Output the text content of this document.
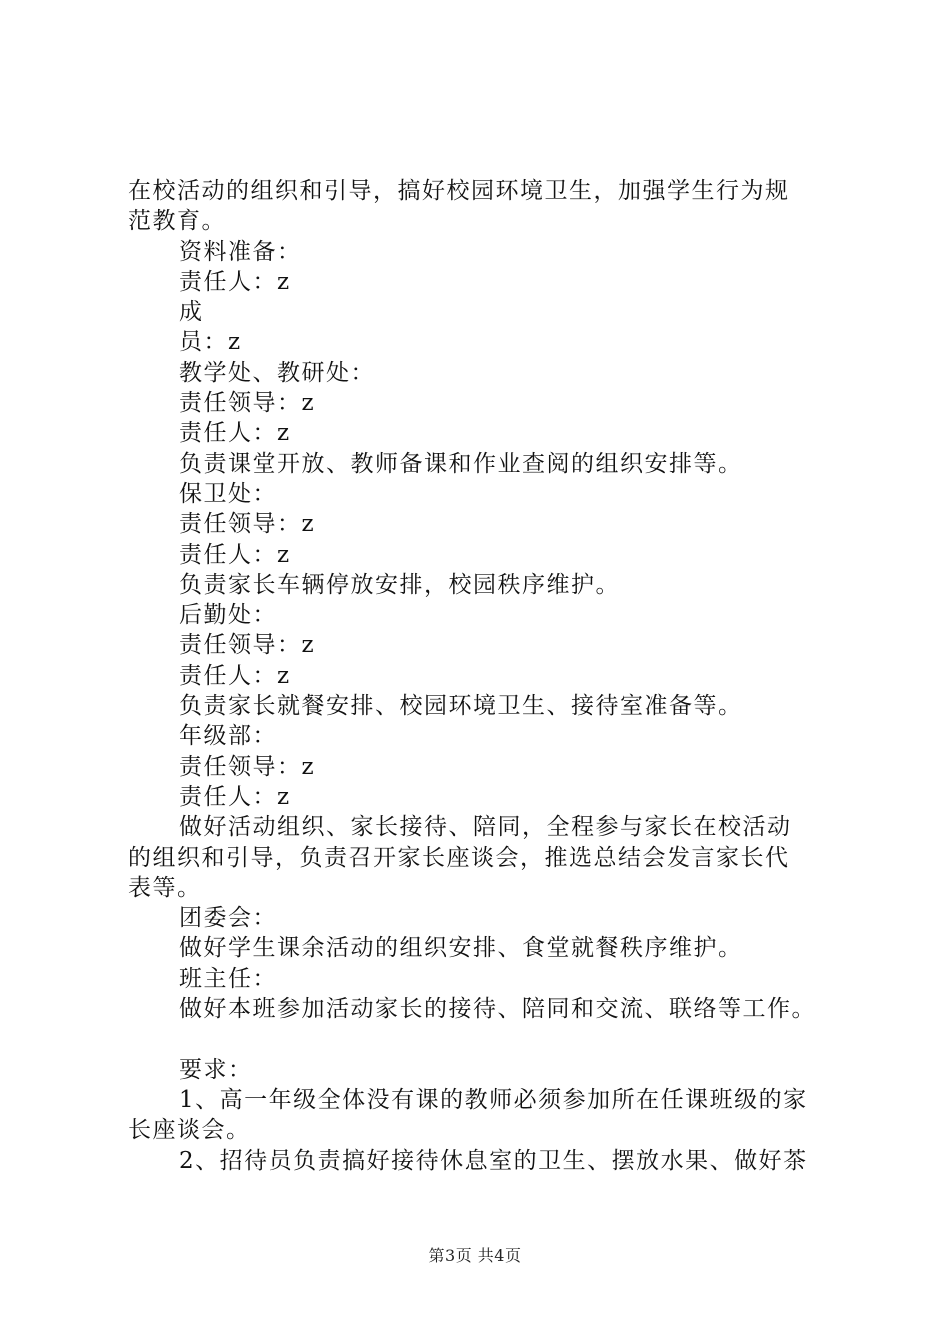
在校活动的组织和引导，搞好校园环境卫生，加强学生行为规
范教育。
资料准备：
责任人：z
成
员：z
教学处、教研处：
责任领导：z
责任人：z
负责课堂开放、教师备课和作业查阅的组织安排等。
保卫处：
责任领导：z
责任人：z
负责家长车辆停放安排，校园秩序维护。
后勤处：
责任领导：z
责任人：z
负责家长就餐安排、校园环境卫生、接待室准备等。
年级部：
责任领导：z
责任人：z
做好活动组织、家长接待、陪同，全程参与家长在校活动
的组织和引导，负责召开家长座谈会，推选总结会发言家长代
表等。
团委会：
做好学生课余活动的组织安排、食堂就餐秩序维护。
班主任：
做好本班参加活动家长的接待、陪同和交流、联络等工作。
要求：
1、高一年级全体没有课的教师必须参加所在任课班级的家
长座谈会。
2、招待员负责搞好接待休息室的卫生、摆放水果、做好茶
第3页 共4页
